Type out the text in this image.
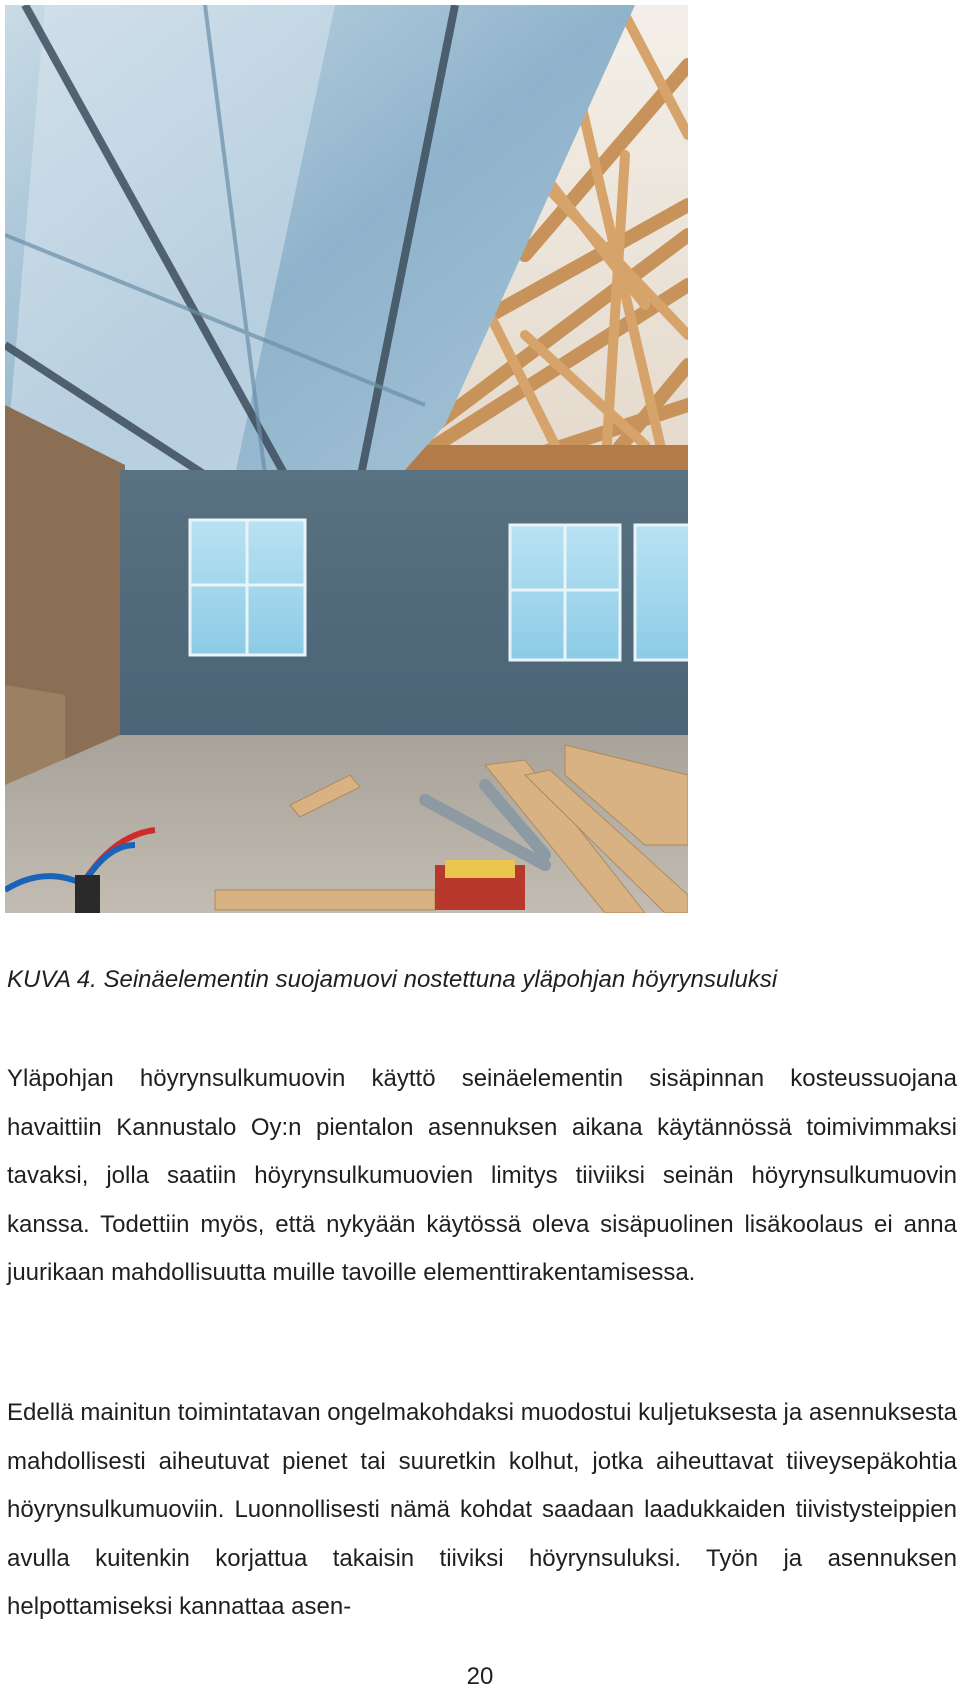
KUVA 4. Seinäelementin suojamuovi nostettuna yläpohjan höyrynsuluksi

Yläpohjan höyrynsulkumuovin käyttö seinäelementin sisäpinnan kosteussuojana havaittiin Kannustalo Oy:n pientalon asennuksen aikana käytännössä toimivimmaksi tavaksi, jolla saatiin höyrynsulkumuovien limitys tiiviiksi seinän höyrynsulkumuovin kanssa. Todettiin myös, että nykyään käytössä oleva sisäpuolinen lisäkoolaus ei anna juurikaan mahdollisuutta muille tavoille elementtirakentamisessa.

Edellä mainitun toimintatavan ongelmakohdaksi muodostui kuljetuksesta ja asennuksesta mahdollisesti aiheutuvat pienet tai suuretkin kolhut, jotka aiheuttavat tiiveysepäkohtia höyrynsulkumuoviin. Luonnollisesti nämä kohdat saadaan laadukkaiden tiivistysteippien avulla kuitenkin korjattua takaisin tiiviksi höyrynsuluksi. Työn ja asennuksen helpottamiseksi kannattaa asen-

20
